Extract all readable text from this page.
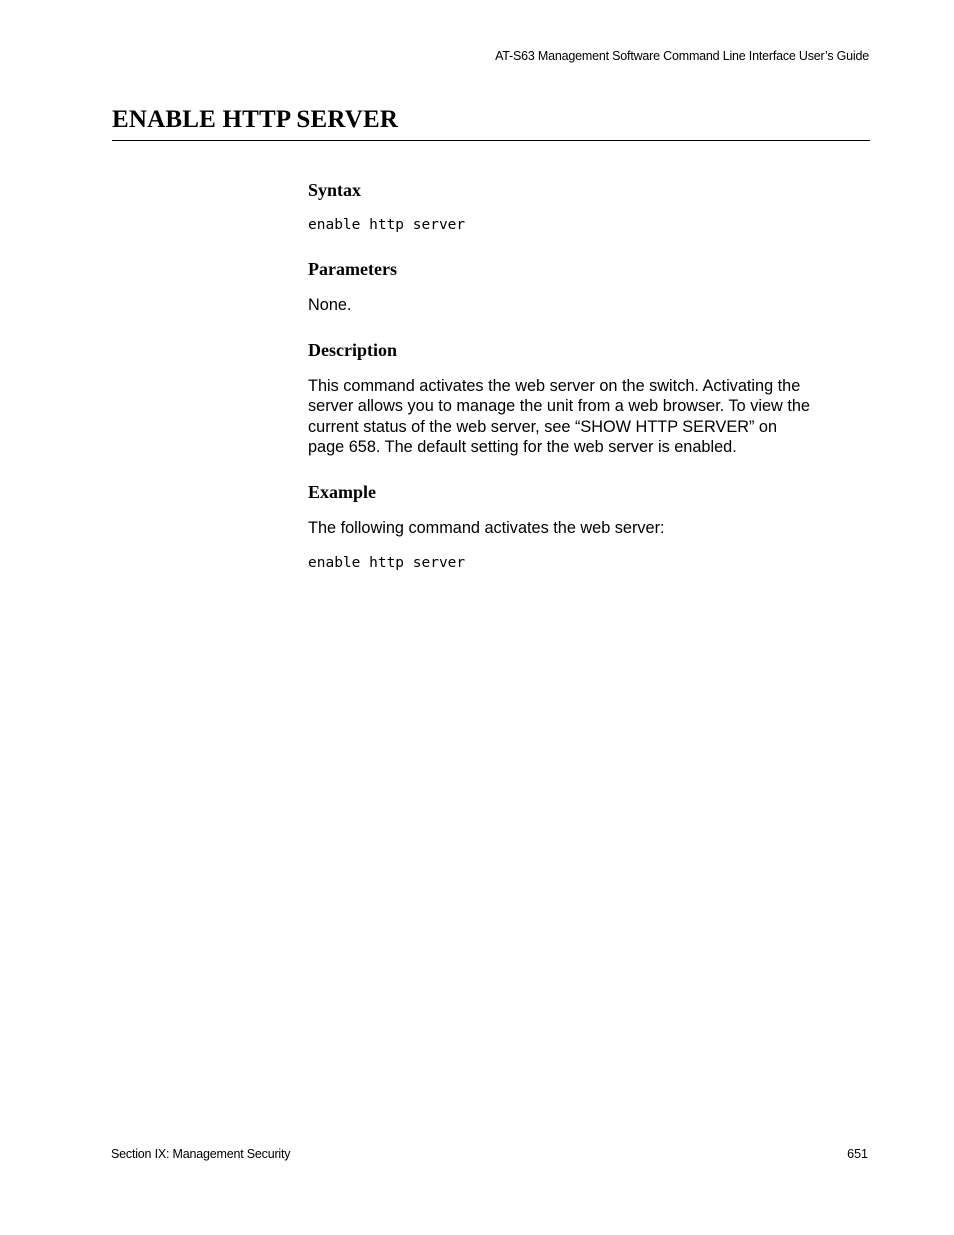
AT-S63 Management Software Command Line Interface User’s Guide
ENABLE HTTP SERVER
Syntax
enable http server
Parameters

None.

Description
This command activates the web server on the switch. Activating the
server allows you to manage the unit from a web browser. To view the
current status of the web server, see “SHOW HTTP SERVER” on
page 658. The default setting for the web server is enabled.
Example

The following command activates the web server:

enable http server
Section IX: Management Security	651
